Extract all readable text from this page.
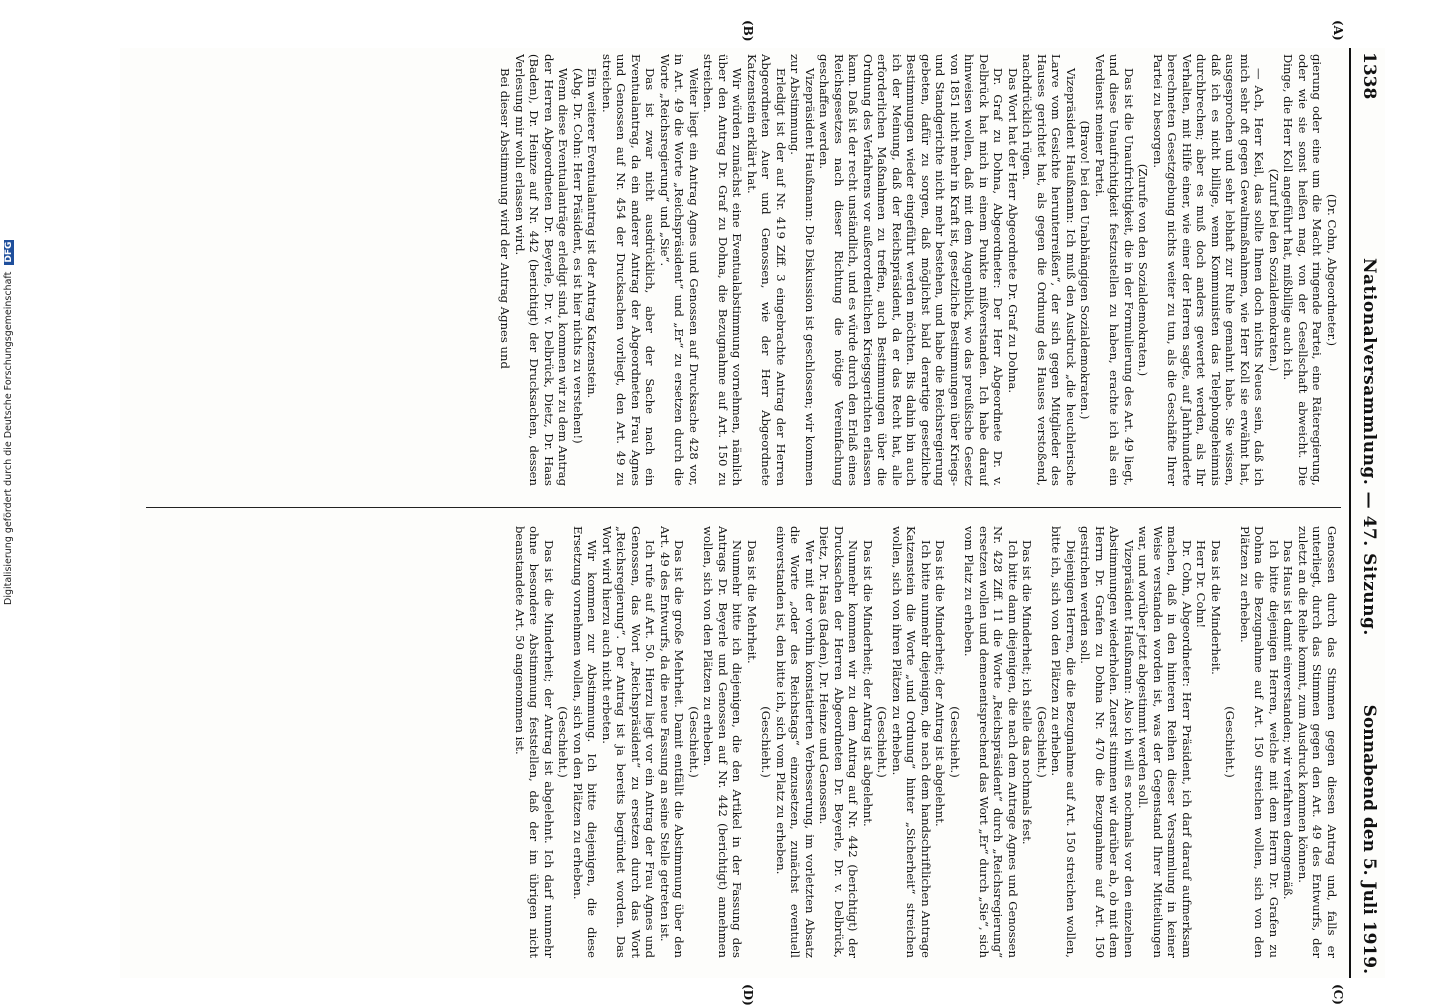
1338
Nationalversammlung. — 47. Sitzung.
Sonnabend den 5. Juli 1919.
(A)
(B)
(C)
(D)

(Dr. Cohn, Abgeordneter.)

gierung oder eine um die Macht ringende Partei, eine Räteregierung, oder wie sie sonst heißen mag, von der Gesellschaft abweicht. Die Dinge, die Herr Koll angeführt hat, mißbillige auch ich.

(Zuruf bei den Sozialdemokraten.)

— Ach, Herr Keil, das sollte Ihnen doch nichts Neues sein, daß ich mich sehr oft gegen Gewaltmaßnahmen, wie Herr Koll sie erwähnt hat, ausgesprochen und sehr lebhaft zur Ruhe gemahnt habe. Sie wissen, daß ich es nicht billige, wenn Kommunisten das Telephongeheimnis durchbrechen; aber es muß doch anders gewertet werden, als Ihr Verhalten, mit Hilfe einer, wie einer der Herren sagte, auf Jahrhunderte berechneten Gesetzgebung nichts weiter zu tun, als die Geschäfte Ihrer Partei zu besorgen.

(Zurufe von den Sozialdemokraten.)

Das ist die Unaufrichtigkeit, die in der Formulierung des Art. 49 liegt, und diese Unaufrichtigkeit festzustellen zu haben, erachte ich als ein Verdienst meiner Partei.

(Bravo! bei den Unabhängigen Sozialdemokraten.)

Vizepräsident Haußmann: Ich muß den Ausdruck „die heuchlerische Larve vom Gesichte herunterreißen“, der sich gegen Mitglieder des Hauses gerichtet hat, als gegen die Ordnung des Hauses verstoßend, nachdrücklich rügen.

Das Wort hat der Herr Abgeordnete Dr. Graf zu Dohna.

Dr. Graf zu Dohna, Abgeordneter: Der Herr Abgeordnete Dr. v. Delbrück hat mich in einem Punkte mißverstanden. Ich habe darauf hinweisen wollen, daß mit dem Augenblick, wo das preußische Gesetz von 1851 nicht mehr in Kraft ist, gesetzliche Bestimmungen über Kriegs- und Standgerichte nicht mehr bestehen, und habe die Reichsregierung gebeten, dafür zu sorgen, daß möglichst bald derartige gesetzliche Bestimmungen wieder eingeführt werden möchten. Bis dahin bin auch ich der Meinung, daß der Reichspräsident, da er das Recht hat, alle erforderlichen Maßnahmen zu treffen, auch Bestimmungen über die Ordnung des Verfahrens vor außerordentlichen Kriegsgerichten erlassen kann. Daß ist der recht unständlich, und es würde durch den Erlaß eines Reichsgesetzes nach dieser Richtung die nötige Vereinfachung geschaffen werden.

Vizepräsident Haußmann: Die Diskussion ist geschlossen; wir kommen zur Abstimmung.

Erledigt ist der auf Nr. 419 Ziff. 3 eingebrachte Antrag der Herren Abgeordneten Auer und Genossen, wie der Herr Abgeordnete Katzenstein erklärt hat.

Wir würden zunächst eine Eventualabstimmung vornehmen, nämlich über den Antrag Dr. Graf zu Dohna, die Bezugnahme auf Art. 150 zu streichen.

Weiter liegt ein Antrag Agnes und Genossen auf Drucksache 428 vor, in Art. 49 die Worte „Reichspräsident“ und „Er“ zu ersetzen durch die Worte „Reichsregierung“ und „Sie“.

Das ist zwar nicht ausdrücklich, aber der Sache nach ein Eventualantrag, da ein anderer Antrag der Abgeordneten Frau Agnes und Genossen auf Nr. 454 der Drucksachen vorliegt, den Art. 49 zu streichen.

Ein weiterer Eventualantrag ist der Antrag Katzenstein.

(Abg. Dr. Cohn: Herr Präsident, es ist hier nichts zu verstehen!)

Wenn diese Eventualanträge erledigt sind, kommen wir zu dem Antrag der Herren Abgeordneten Dr. Beyerle, Dr. v. Delbrück, Dietz, Dr. Haas (Baden), Dr. Heinze auf Nr. 442 (berichtigt) der Drucksachen, dessen Verlesung mir wohl erlassen wird.

Bei dieser Abstimmung wird der Antrag Agnes und

Genossen durch das Stimmen gegen diesen Antrag und, falls er unterliegt, durch das Stimmen gegen den Art. 49 des Entwurfs, der zuletzt an die Reihe kommt, zum Ausdruck kommen können.

Das Haus ist damit einverstanden; wir verfahren demgemäß.

Ich bitte diejenigen Herren, welche mit dem Herrn Dr. Grafen zu Dohna die Bezugnahme auf Art. 150 streichen wollen, sich von den Plätzen zu erheben.

(Geschieht.)

Das ist die Minderheit.

Herr Dr. Cohn!

Dr. Cohn, Abgeordneter: Herr Präsident, ich darf darauf aufmerksam machen, daß in den hinteren Reihen dieser Versammlung in keiner Weise verstanden worden ist, was der Gegenstand Ihrer Mitteilungen war, und worüber jetzt abgestimmt werden soll.

Vizepräsident Haußmann: Also ich will es nochmals vor den einzelnen Abstimmungen wiederholen. Zuerst stimmen wir darüber ab, ob mit dem Herrn Dr. Grafen zu Dohna Nr. 470 die Bezugnahme auf Art. 150 gestrichen werden soll.

Diejenigen Herren, die die Bezugnahme auf Art. 150 streichen wollen, bitte ich, sich von den Plätzen zu erheben.

(Geschieht.)

Das ist die Minderheit; ich stelle das nochmals fest.

Ich bitte dann diejenigen, die nach dem Antrage Agnes und Genossen Nr. 428 Ziff. 11 die Worte „Reichspräsident“ durch „Reichsregierung“ ersetzen wollen und demenentsprechend das Wort „Er“ durch „Sie“, sich vom Platz zu erheben.

(Geschieht.)

Das ist die Minderheit; der Antrag ist abgelehnt.

Ich bitte nunmehr diejenigen, die nach dem handschriftlichen Antrage Katzenstein die Worte „und Ordnung“ hinter „Sicherheit“ streichen wollen, sich von ihren Plätzen zu erheben.

(Geschieht.)

Das ist die Minderheit; der Antrag ist abgelehnt.

Nunmehr kommen wir zu dem Antrag auf Nr. 442 (berichtigt) der Drucksachen der Herren Abgeordneten Dr. Beyerle, Dr. v. Delbrück, Dietz, Dr. Haas (Baden), Dr. Heinze und Genossen.

Wer mit der vorhin konstatierten Verbesserung, im vorletzten Absatz die Worte „oder des Reichstags“ einzusetzen, zunächst eventuell einverstanden ist, den bitte ich, sich vom Platz zu erheben.

(Geschieht.)

Das ist die Mehrheit.

Nunmehr bitte ich diejenigen, die den Artikel in der Fassung des Antrags Dr. Beyerle und Genossen auf Nr. 442 (berichtigt) annehmen wollen, sich von den Plätzen zu erheben.

(Geschieht.)

Das ist die große Mehrheit. Damit entfällt die Abstimmung über den Art. 49 des Entwurfs, da die neue Fassung an seine Stelle getreten ist.

Ich rufe auf Art. 50. Hierzu liegt vor ein Antrag der Frau Agnes und Genossen, das Wort „Reichspräsident“ zu ersetzen durch das Wort „Reichsregierung“. Der Antrag ist ja bereits begründet worden. Das Wort wird hierzu auch nicht erbeten.

Wir kommen zur Abstimmung. Ich bitte diejenigen, die diese Ersetzung vornehmen wollen, sich von den Plätzen zu erheben.

(Geschieht.)

Das ist die Minderheit; der Antrag ist abgelehnt. Ich darf nunmehr ohne besondere Abstimmung feststellen, daß der im übrigen nicht beanstandete Art. 50 angenommen ist.

Digitalisierung gefördert durch die Deutsche Forschungsgemeinschaft DFG
